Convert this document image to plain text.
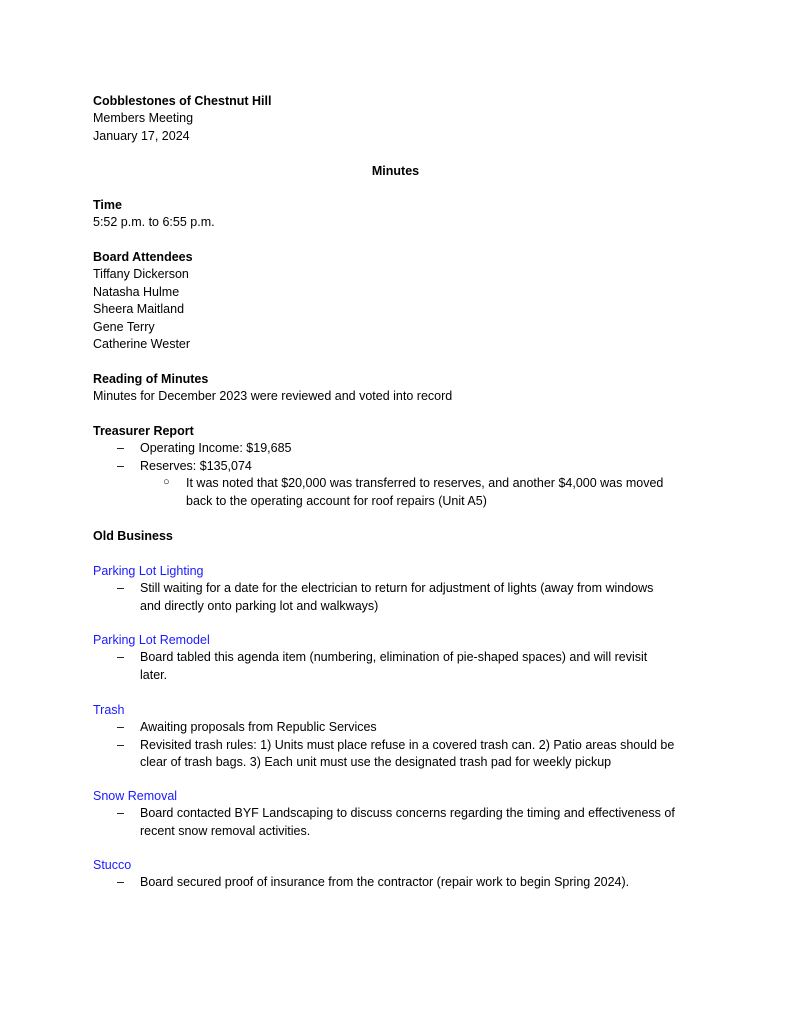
Cobblestones of Chestnut Hill
Members Meeting
January 17, 2024
Minutes
Time
5:52 p.m. to 6:55 p.m.
Board Attendees
Tiffany Dickerson
Natasha Hulme
Sheera Maitland
Gene Terry
Catherine Wester
Reading of Minutes
Minutes for December 2023 were reviewed and voted into record
Treasurer Report
– Operating Income: $19,685
– Reserves: $135,074
○ It was noted that $20,000 was transferred to reserves, and another $4,000 was moved
back to the operating account for roof repairs (Unit A5)
Old Business
Parking Lot Lighting
– Still waiting for a date for the electrician to return for adjustment of lights (away from windows
and directly onto parking lot and walkways)
Parking Lot Remodel
– Board tabled this agenda item (numbering, elimination of pie-shaped spaces) and will revisit
later.
Trash
– Awaiting proposals from Republic Services
– Revisited trash rules: 1) Units must place refuse in a covered trash can. 2) Patio areas should be
clear of trash bags. 3) Each unit must use the designated trash pad for weekly pickup
Snow Removal
– Board contacted BYF Landscaping to discuss concerns regarding the timing and effectiveness of
recent snow removal activities.
Stucco
– Board secured proof of insurance from the contractor (repair work to begin Spring 2024).
